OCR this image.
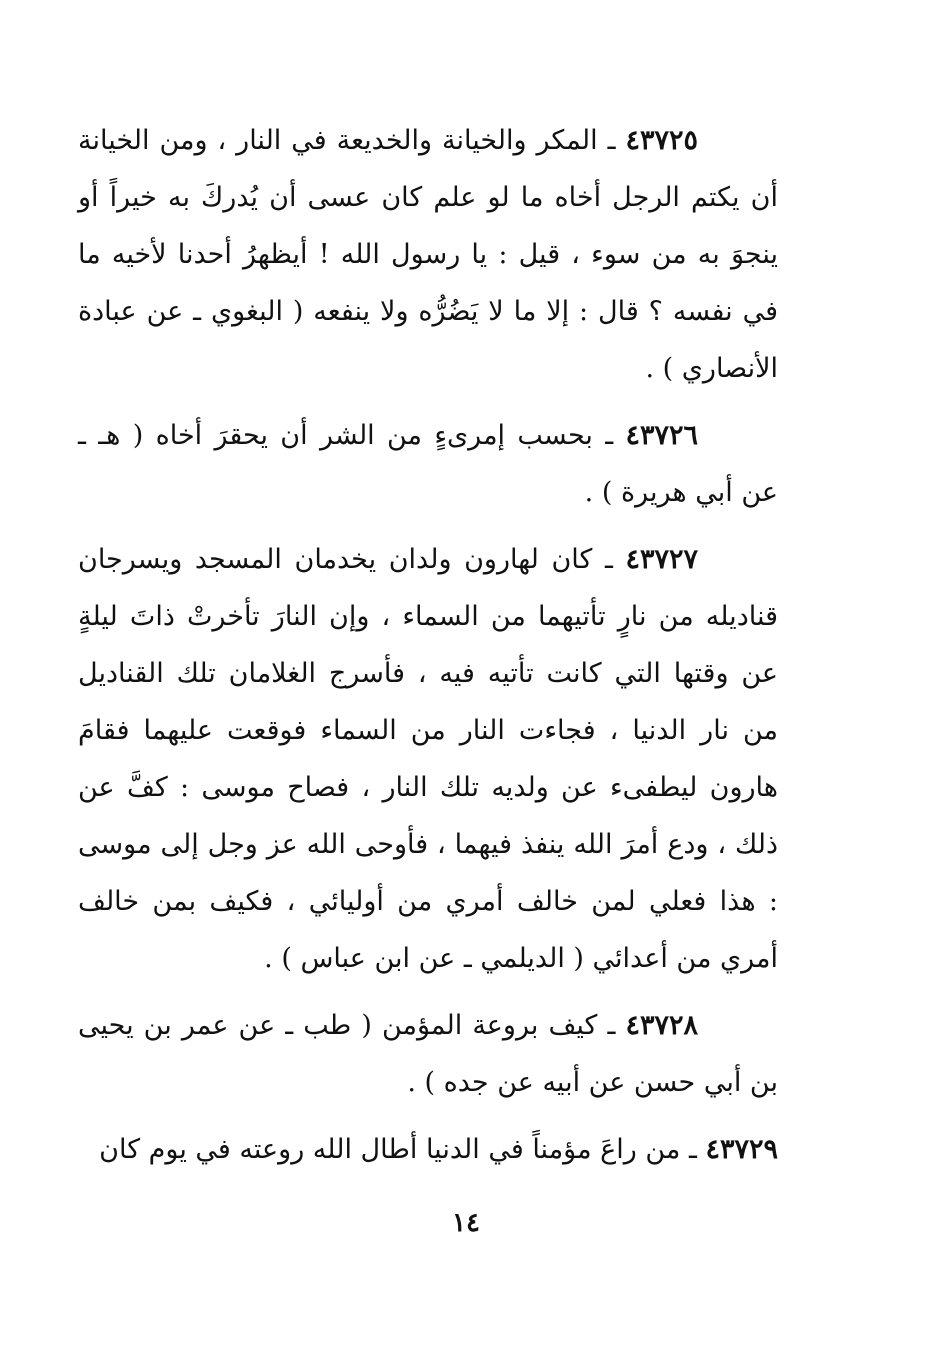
٤٣٧٢٥ ـ المكر والخيانة والخديعة في النار ، ومن الخيانة أن يكتم الرجل أخاه ما لو علم كان عسى أن يُدركَ به خيراً أو ينجوَ به من سوء ، قيل : يا رسول الله ! أيظهرُ أحدنا لأخيه ما في نفسه ؟ قال : إلا ما لا يَضُرُّه ولا ينفعه ( البغوي ـ عن عبادة الأنصاري ) .

٤٣٧٢٦ ـ بحسب إمرىءٍ من الشر أن يحقرَ أخاه ( هـ ـ عن أبي هريرة ) .

٤٣٧٢٧ ـ كان لهارون ولدان يخدمان المسجد ويسرجان قناديله من نارٍ تأتيهما من السماء ، وإن النارَ تأخرتْ ذاتَ ليلةٍ عن وقتها التي كانت تأتيه فيه ، فأسرج الغلامان تلك القناديل من نار الدنيا ، فجاءت النار من السماء فوقعت عليهما فقامَ هارون ليطفىء عن ولديه تلك النار ، فصاح موسى : كفَّ عن ذلك ، ودع أمرَ الله ينفذ فيهما ، فأوحى الله عز وجل إلى موسى : هذا فعلي لمن خالف أمري من أوليائي ، فكيف بمن خالف أمري من أعدائي ( الديلمي ـ عن ابن عباس ) .

٤٣٧٢٨ ـ كيف بروعة المؤمن ( طب ـ عن عمر بن يحيى بن أبي حسن عن أبيه عن جده ) .

٤٣٧٢٩ ـ من راعَ مؤمناً في الدنيا أطال الله روعته في يوم كان

١٤
